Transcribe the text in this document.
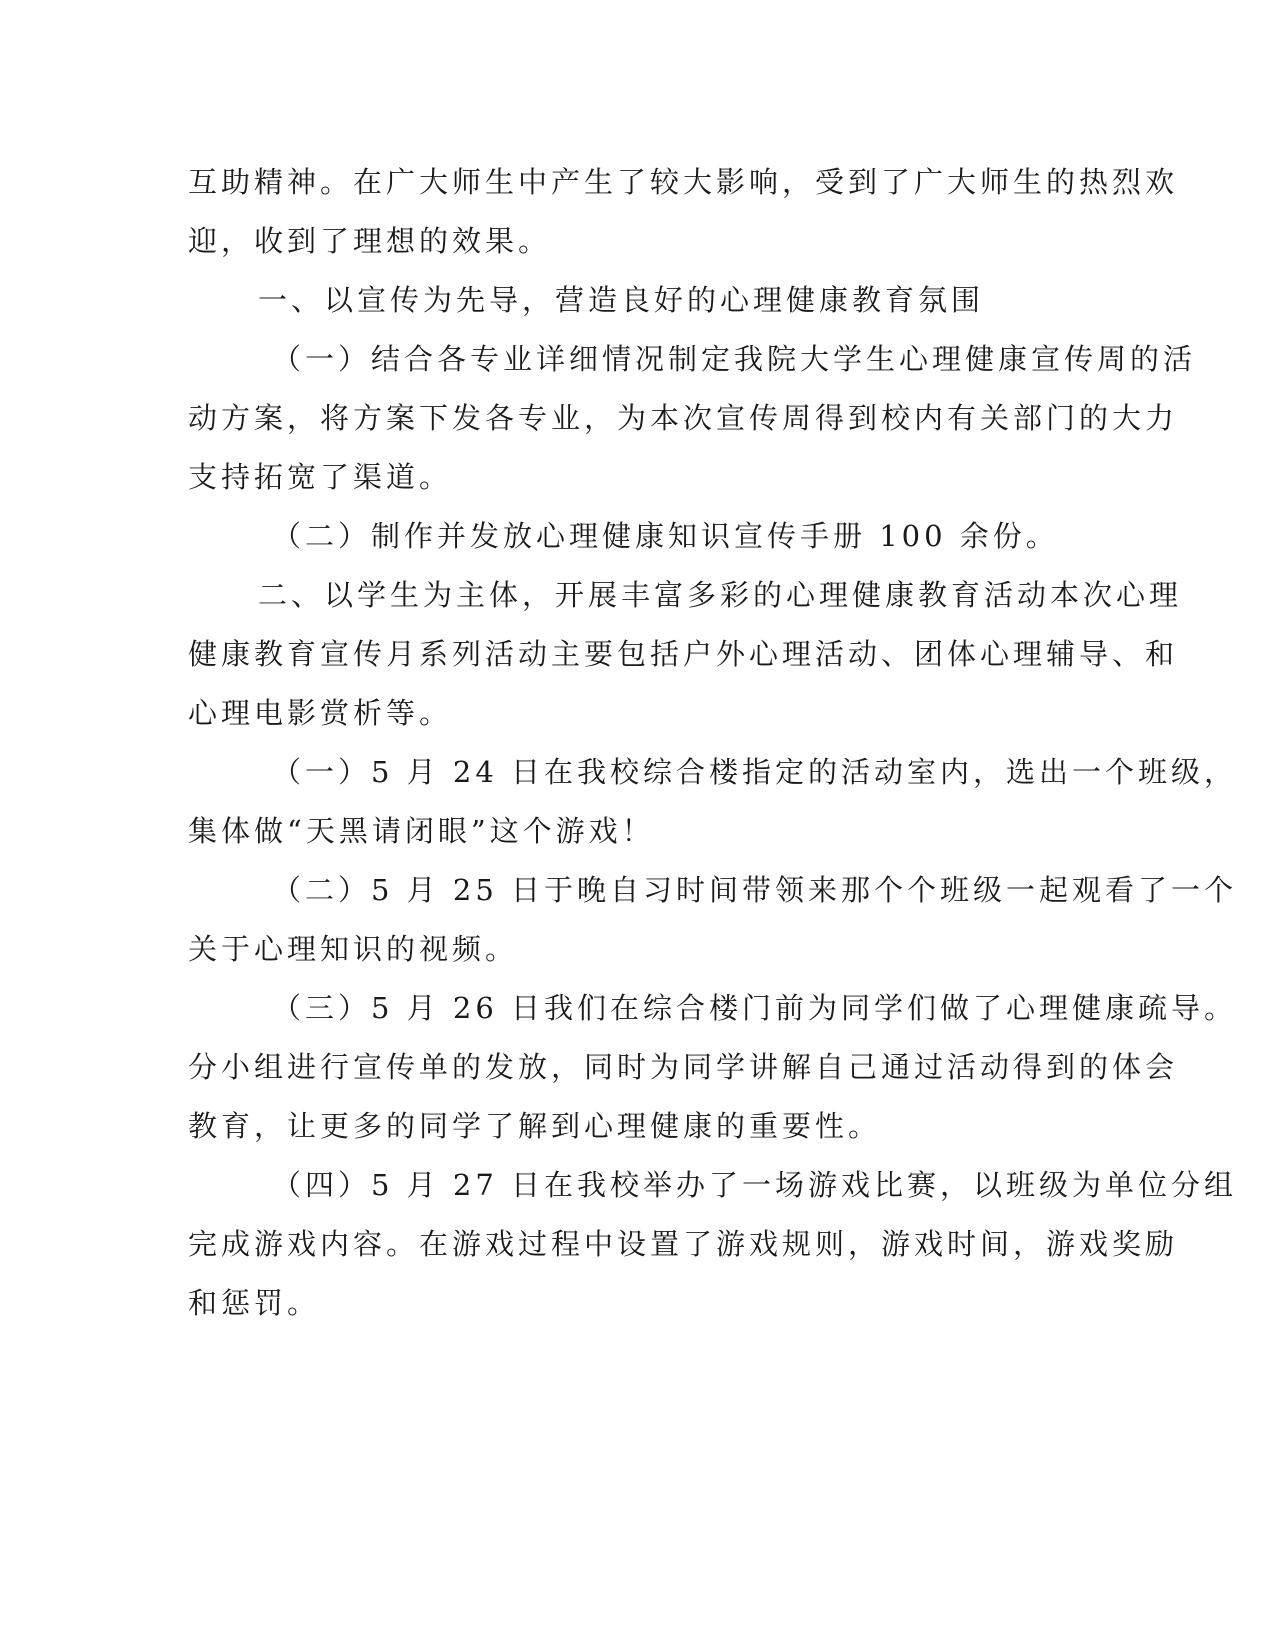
互助精神。在广大师生中产生了较大影响，受到了广大师生的热烈欢

迎，收到了理想的效果。

一、以宣传为先导，营造良好的心理健康教育氛围

（一）结合各专业详细情况制定我院大学生心理健康宣传周的活

动方案，将方案下发各专业，为本次宣传周得到校内有关部门的大力

支持拓宽了渠道。

（二）制作并发放心理健康知识宣传手册 100 余份。

二、以学生为主体，开展丰富多彩的心理健康教育活动本次心理

健康教育宣传月系列活动主要包括户外心理活动、团体心理辅导、和

心理电影赏析等。

（一）5 月 24 日在我校综合楼指定的活动室内，选出一个班级，

集体做“天黑请闭眼”这个游戏！

（二）5 月 25 日于晚自习时间带领来那个个班级一起观看了一个

关于心理知识的视频。

（三）5 月 26 日我们在综合楼门前为同学们做了心理健康疏导。

分小组进行宣传单的发放，同时为同学讲解自己通过活动得到的体会

教育，让更多的同学了解到心理健康的重要性。

（四）5 月 27 日在我校举办了一场游戏比赛，以班级为单位分组

完成游戏内容。在游戏过程中设置了游戏规则，游戏时间，游戏奖励

和惩罚。
